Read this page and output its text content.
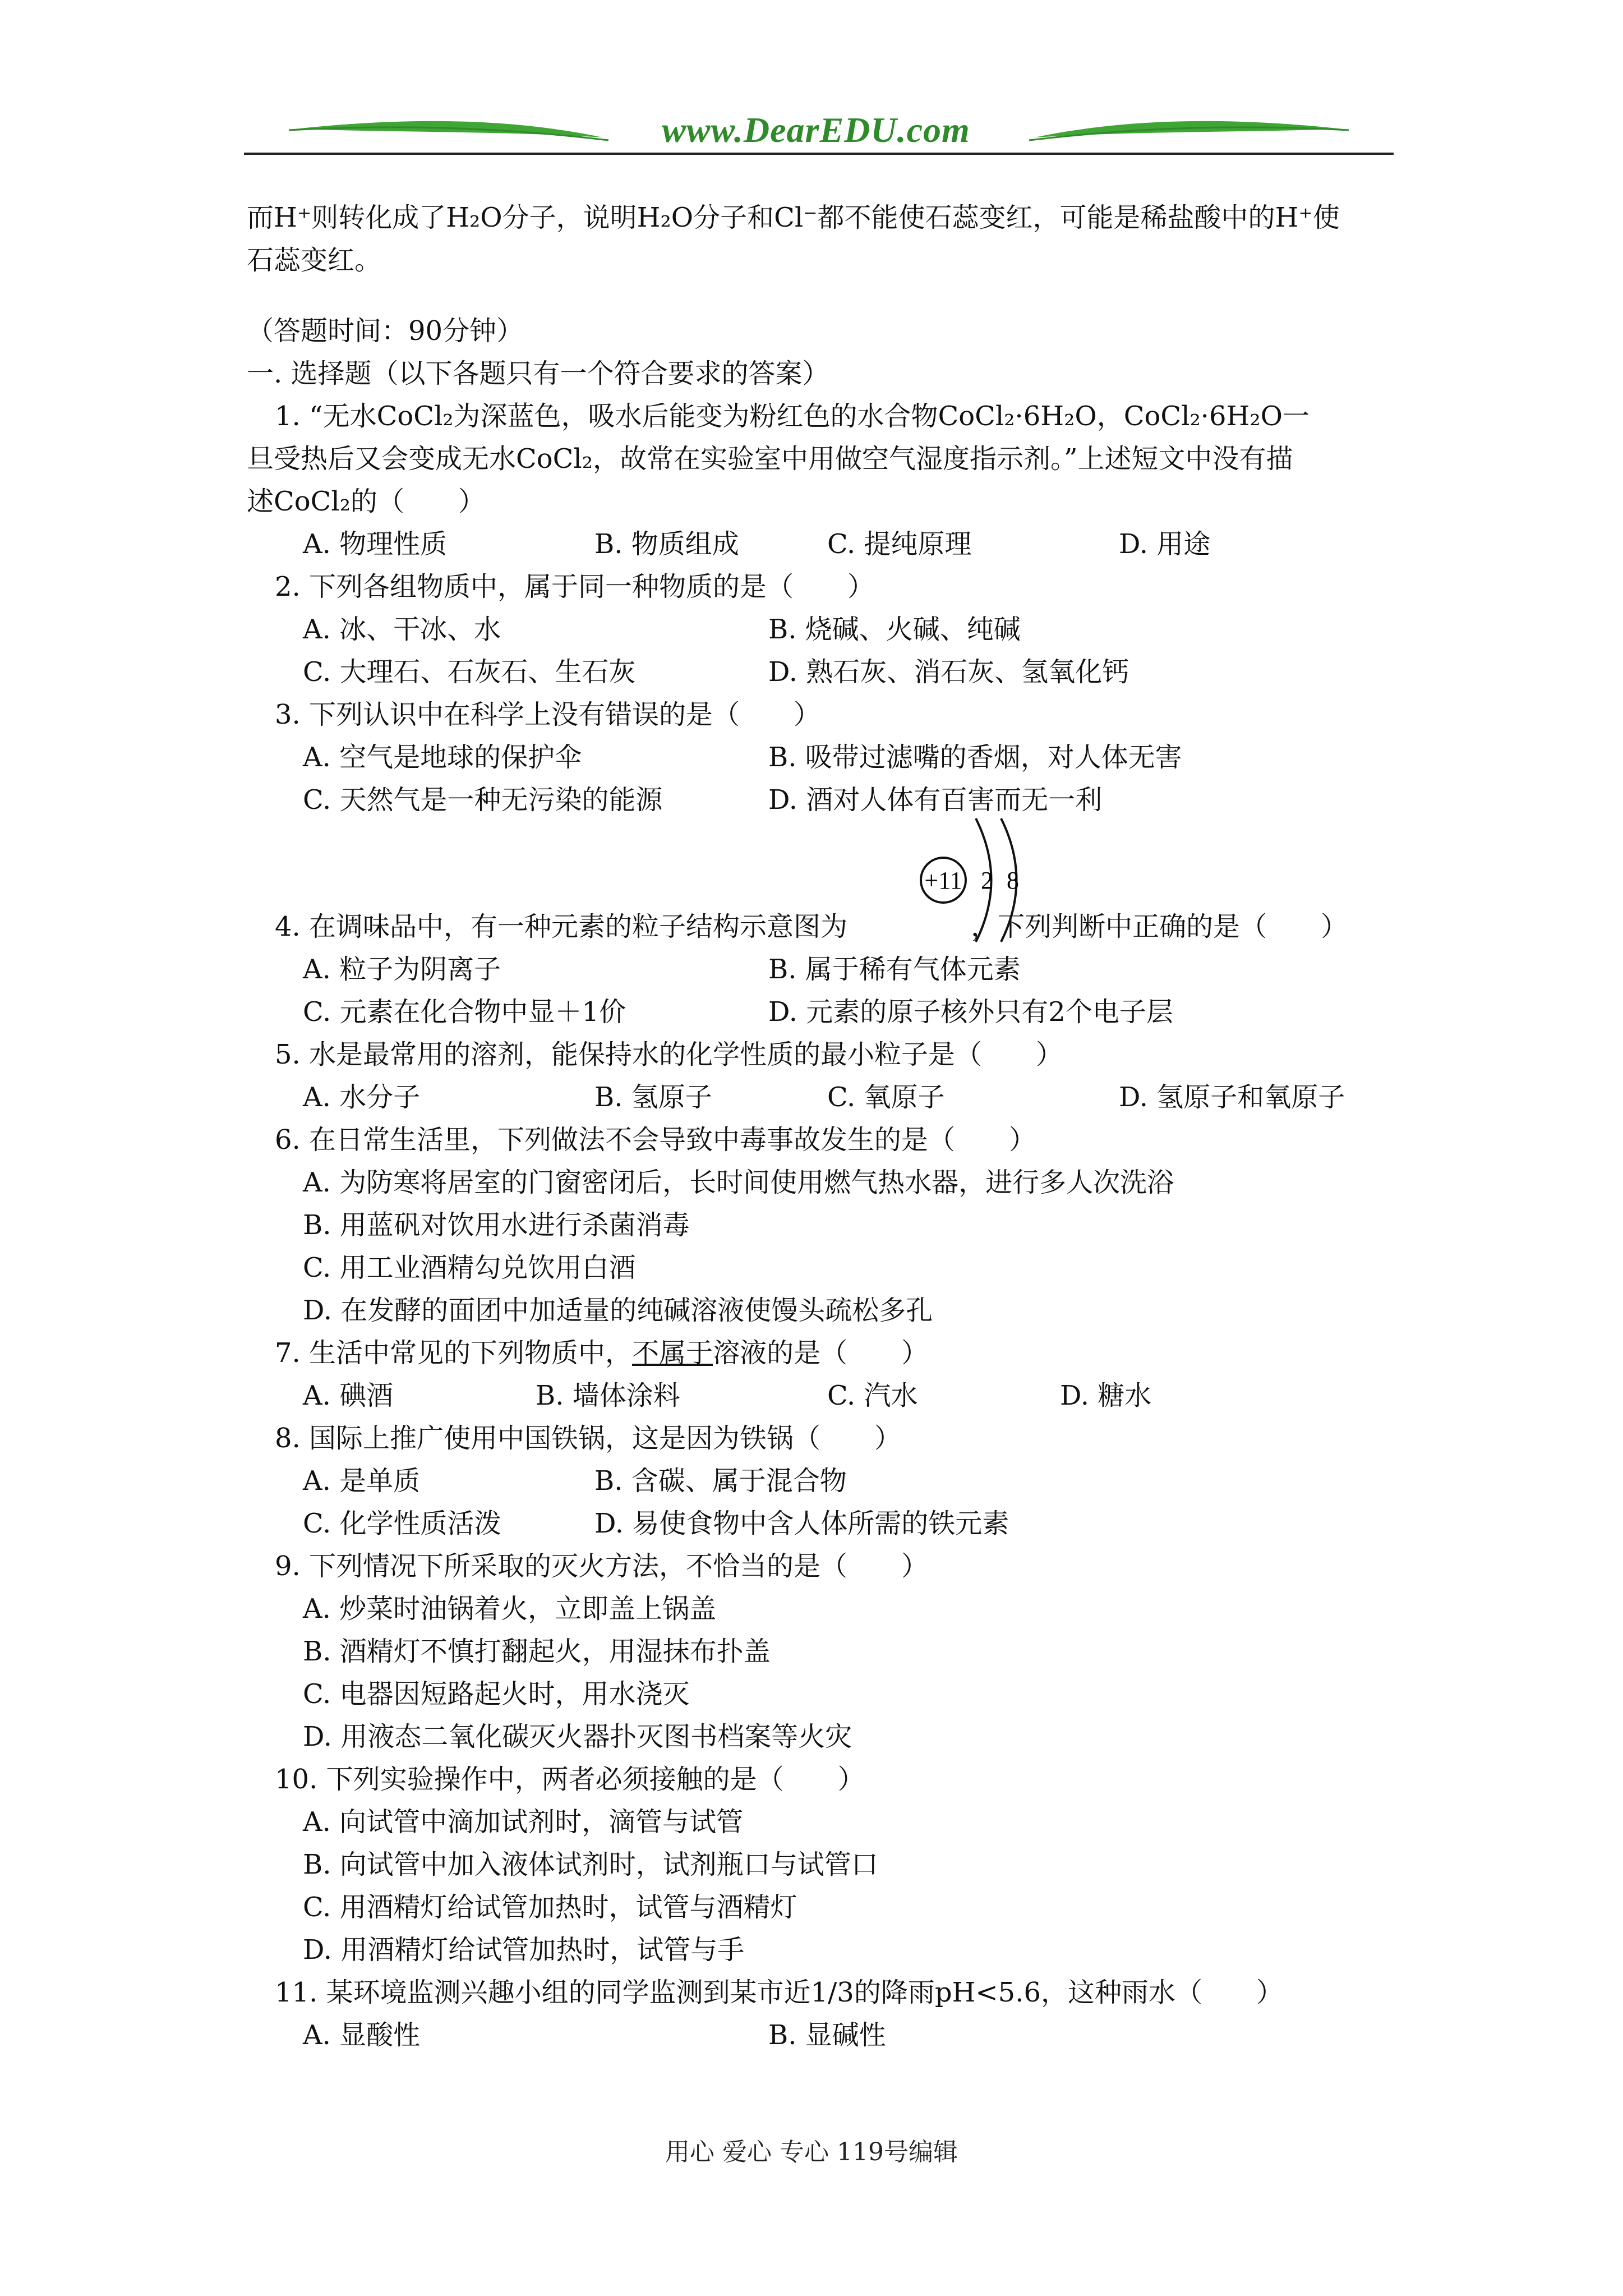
www.DearEDU.com
而H⁺则转化成了H₂O分子，说明H₂O分子和Cl⁻都不能使石蕊变红，可能是稀盐酸中的H⁺使
石蕊变红。
（答题时间：90分钟）
一. 选择题（以下各题只有一个符合要求的答案）
1. “无水CoCl₂为深蓝色，吸水后能变为粉红色的水合物CoCl₂·6H₂O，CoCl₂·6H₂O一
旦受热后又会变成无水CoCl₂，故常在实验室中用做空气湿度指示剂。”上述短文中没有描
述CoCl₂的（　　）
A. 物理性质	B. 物质组成	C. 提纯原理	D. 用途
2. 下列各组物质中，属于同一种物质的是（　　）
A. 冰、干冰、水	B. 烧碱、火碱、纯碱
C. 大理石、石灰石、生石灰	D. 熟石灰、消石灰、氢氧化钙
3. 下列认识中在科学上没有错误的是（　　）
A. 空气是地球的保护伞	B. 吸带过滤嘴的香烟，对人体无害
C. 天然气是一种无污染的能源	D. 酒对人体有百害而无一利
+11 2 8
4. 在调味品中，有一种元素的粒子结构示意图为	，下列判断中正确的是（　　）
A. 粒子为阴离子	B. 属于稀有气体元素
C. 元素在化合物中显＋1价	D. 元素的原子核外只有2个电子层
5. 水是最常用的溶剂，能保持水的化学性质的最小粒子是（　　）
A. 水分子	B. 氢原子	C. 氧原子	D. 氢原子和氧原子
6. 在日常生活里，下列做法不会导致中毒事故发生的是（　　）
A. 为防寒将居室的门窗密闭后，长时间使用燃气热水器，进行多人次洗浴
B. 用蓝矾对饮用水进行杀菌消毒
C. 用工业酒精勾兑饮用白酒
D. 在发酵的面团中加适量的纯碱溶液使馒头疏松多孔
7. 生活中常见的下列物质中，不属于溶液的是（　　）
A. 碘酒	B. 墙体涂料	C. 汽水	D. 糖水
8. 国际上推广使用中国铁锅，这是因为铁锅（　　）
A. 是单质	B. 含碳、属于混合物
C. 化学性质活泼	D. 易使食物中含人体所需的铁元素
9. 下列情况下所采取的灭火方法，不恰当的是（　　）
A. 炒菜时油锅着火，立即盖上锅盖
B. 酒精灯不慎打翻起火，用湿抹布扑盖
C. 电器因短路起火时，用水浇灭
D. 用液态二氧化碳灭火器扑灭图书档案等火灾
10. 下列实验操作中，两者必须接触的是（　　）
A. 向试管中滴加试剂时，滴管与试管
B. 向试管中加入液体试剂时，试剂瓶口与试管口
C. 用酒精灯给试管加热时，试管与酒精灯
D. 用酒精灯给试管加热时，试管与手
11. 某环境监测兴趣小组的同学监测到某市近1/3的降雨pH<5.6，这种雨水（　　）
A. 显酸性	B. 显碱性
用心 爱心 专心 119号编辑
